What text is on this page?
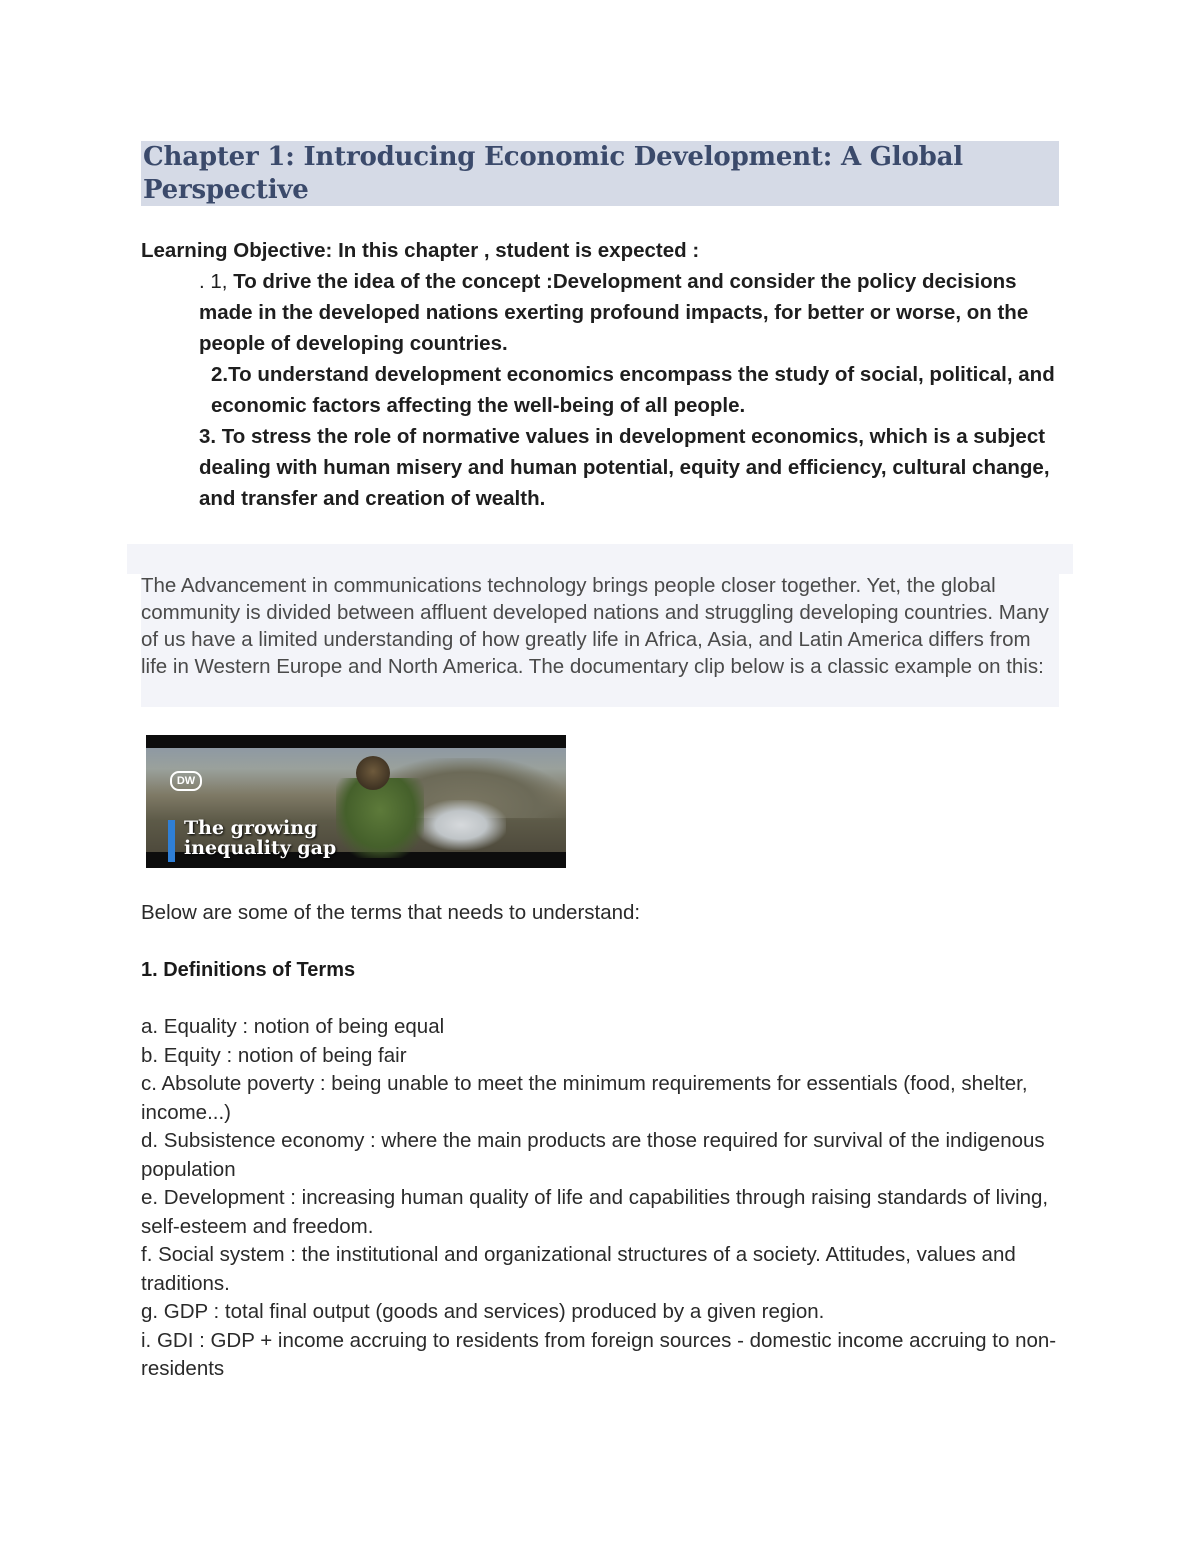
Chapter 1: Introducing Economic Development: A Global Perspective

Learning Objective: In this chapter , student is expected :

. 1, To drive the idea of the concept :Development and consider the policy decisions made in the developed nations exerting profound impacts, for better or worse, on the people of developing countries.

2.To understand development economics encompass the study of social, political, and economic factors affecting the well-being of all people.

3. To stress the role of normative values in development economics, which is a subject dealing with human misery and human potential, equity and efficiency, cultural change, and transfer and creation of wealth.

The Advancement in communications technology brings people closer together. Yet, the global community is divided between affluent developed nations and struggling developing countries. Many of us have a limited understanding of how greatly life in Africa, Asia, and Latin America differs from life in Western Europe and North America. The documentary clip below is a classic example on this:
DW
The growing
inequality gap
Below are some of the terms that needs to understand:
1. Definitions of Terms

a. Equality : notion of being equal

b. Equity : notion of being fair

c. Absolute poverty : being unable to meet the minimum requirements for essentials (food, shelter, income...)

d. Subsistence economy : where the main products are those required for survival of the indigenous population

e. Development : increasing human quality of life and capabilities through raising standards of living, self-esteem and freedom.

f. Social system : the institutional and organizational structures of a society. Attitudes, values and traditions.

g. GDP : total final output (goods and services) produced by a given region.

i. GDI : GDP + income accruing to residents from foreign sources - domestic income accruing to non-residents
